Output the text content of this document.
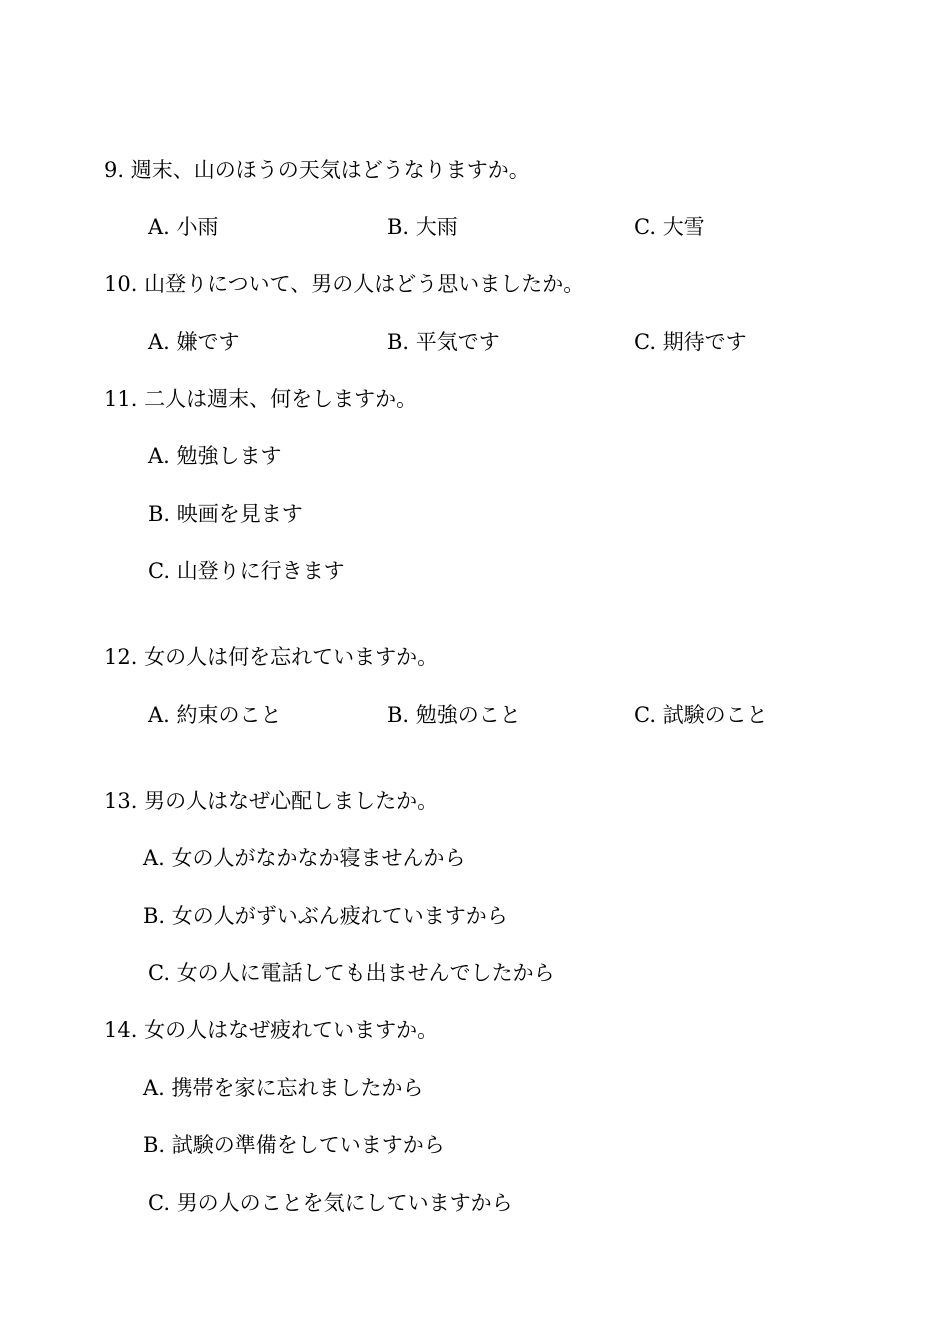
9. 週末、山のほうの天気はどうなりますか。
A. 小雨	B. 大雨	C. 大雪
10. 山登りについて、男の人はどう思いましたか。
A. 嫌です	B. 平気です	C. 期待です
11. 二人は週末、何をしますか。
A. 勉強します
B. 映画を見ます
C. 山登りに行きます
12. 女の人は何を忘れていますか。
A. 約束のこと	B. 勉強のこと	C. 試験のこと
13. 男の人はなぜ心配しましたか。
A. 女の人がなかなか寝ませんから
B. 女の人がずいぶん疲れていますから
C. 女の人に電話しても出ませんでしたから
14. 女の人はなぜ疲れていますか。
A. 携帯を家に忘れましたから
B. 試験の準備をしていますから
C. 男の人のことを気にしていますから
